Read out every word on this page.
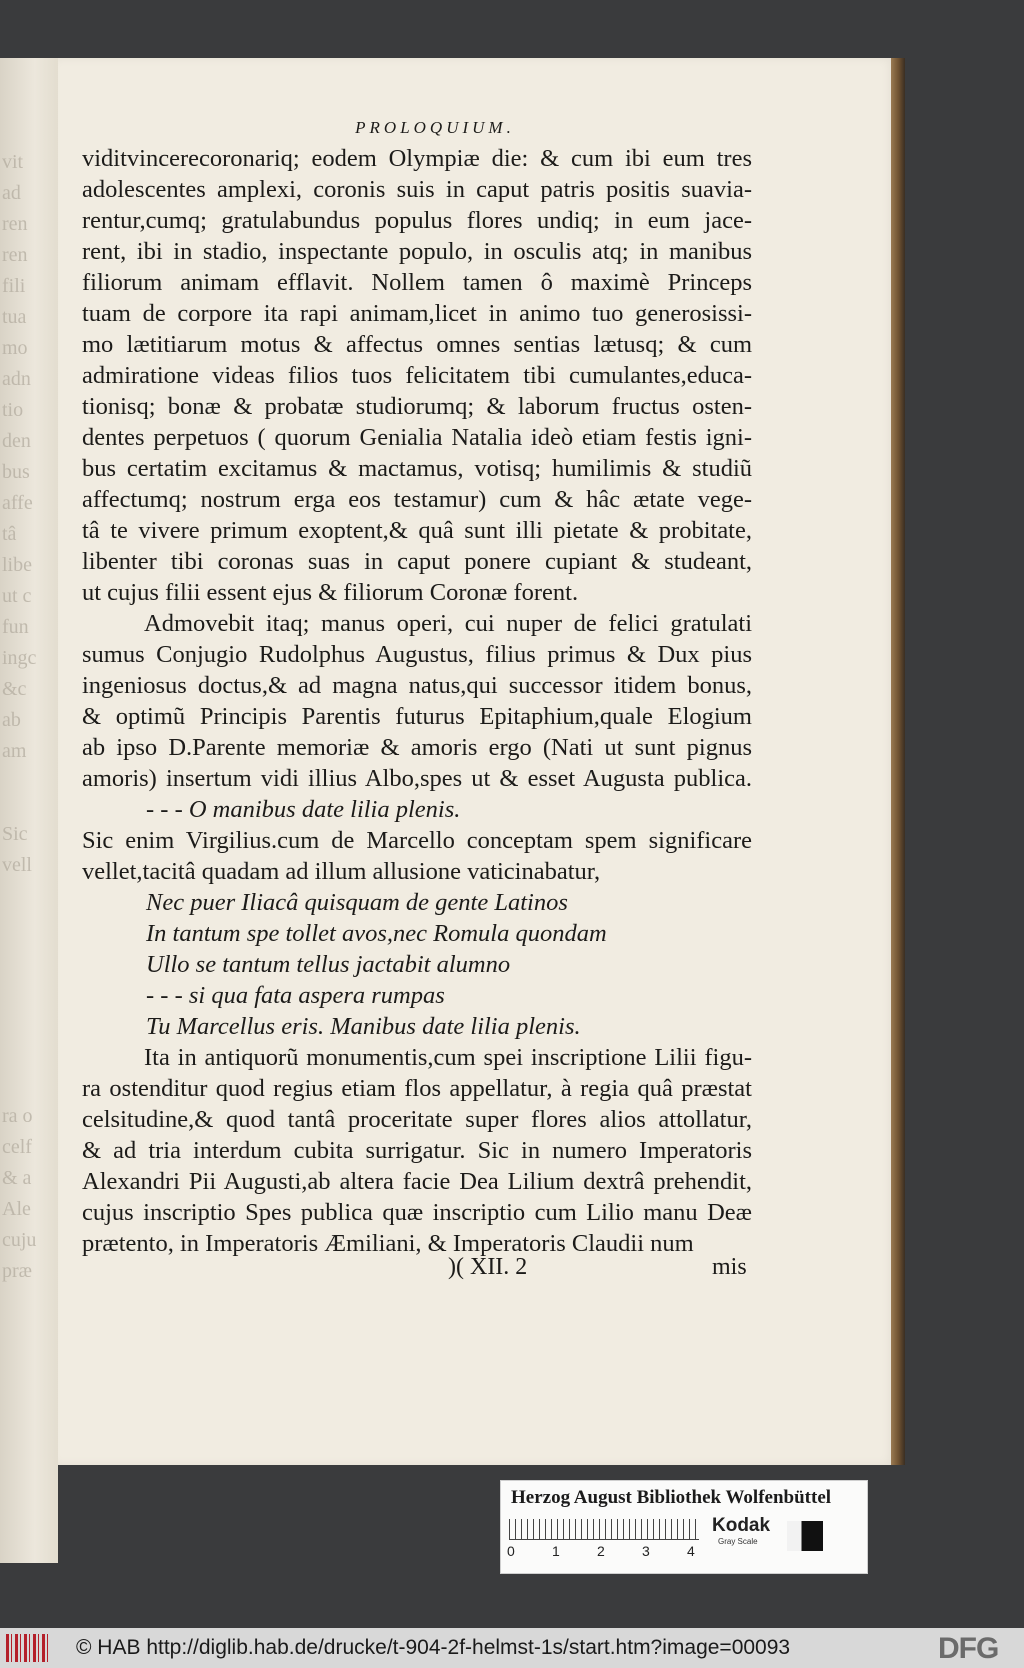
vit
ad
ren
ren
fili
tua
mo
adn
tio
den
bus
affe
tâ
libe
ut c
fun
ingc
&c
ab
am
Sic
vell
ra o
celf
& a
Ale
cuju
præ
PROLOQUIUM.

viditvincerecoronariq; eodem Olympiæ die: & cum ibi eum tres

adolescentes amplexi, coronis suis in caput patris positis suavia-

rentur,cumq; gratulabundus populus flores undiq; in eum jace-

rent, ibi in stadio, inspectante populo, in osculis atq; in manibus

filiorum animam efflavit. Nollem tamen ô maximè Princeps

tuam de corpore ita rapi animam,licet in animo tuo generosissi-

mo lætitiarum motus & affectus omnes sentias lætusq; & cum

admiratione videas filios tuos felicitatem tibi cumulantes,educa-

tionisq; bonæ & probatæ studiorumq; & laborum fructus osten-

dentes perpetuos ( quorum Genialia Natalia ideò etiam festis igni-

bus certatim excitamus & mactamus, votisq; humilimis & studiũ

affectumq; nostrum erga eos testamur) cum & hâc ætate vege-

tâ te vivere primum exoptent,& quâ sunt illi pietate & probitate,

libenter tibi coronas suas in caput ponere cupiant & studeant,

ut cujus filii essent ejus & filiorum Coronæ forent.

Admovebit itaq; manus operi, cui nuper de felici gratulati

sumus Conjugio Rudolphus Augustus, filius primus & Dux pius

ingeniosus doctus,& ad magna natus,qui successor itidem bonus,

& optimũ Principis Parentis futurus Epitaphium,quale Elogium

ab ipso D.Parente memoriæ & amoris ergo (Nati ut sunt pignus

amoris) insertum vidi illius Albo,spes ut & esset Augusta publica.

- - - O manibus date lilia plenis.

Sic enim Virgilius.cum de Marcello conceptam spem significare

vellet,tacitâ quadam ad illum allusione vaticinabatur,

Nec puer Iliacâ quisquam de gente Latinos

In tantum spe tollet avos,nec Romula quondam

Ullo se tantum tellus jactabit alumno

- - - si qua fata aspera rumpas

Tu Marcellus eris. Manibus date lilia plenis.

Ita in antiquorũ monumentis,cum spei inscriptione Lilii figu-

ra ostenditur quod regius etiam flos appellatur, à regia quâ præstat

celsitudine,& quod tantâ proceritate super flores alios attollatur,

& ad tria interdum cubita surrigatur. Sic in numero Imperatoris

Alexandri Pii Augusti,ab altera facie Dea Lilium dextrâ prehendit,

cujus inscriptio Spes publica quæ inscriptio cum Lilio manu Deæ

prætento, in Imperatoris Æmiliani, & Imperatoris Claudii num

)( XII. 2	mis
Herzog August Bibliothek Wolfenbüttel
0	1	2	3	4
Kodak
Gray Scale
© HAB http://diglib.hab.de/drucke/t-904-2f-helmst-1s/start.htm?image=00093	DFG
